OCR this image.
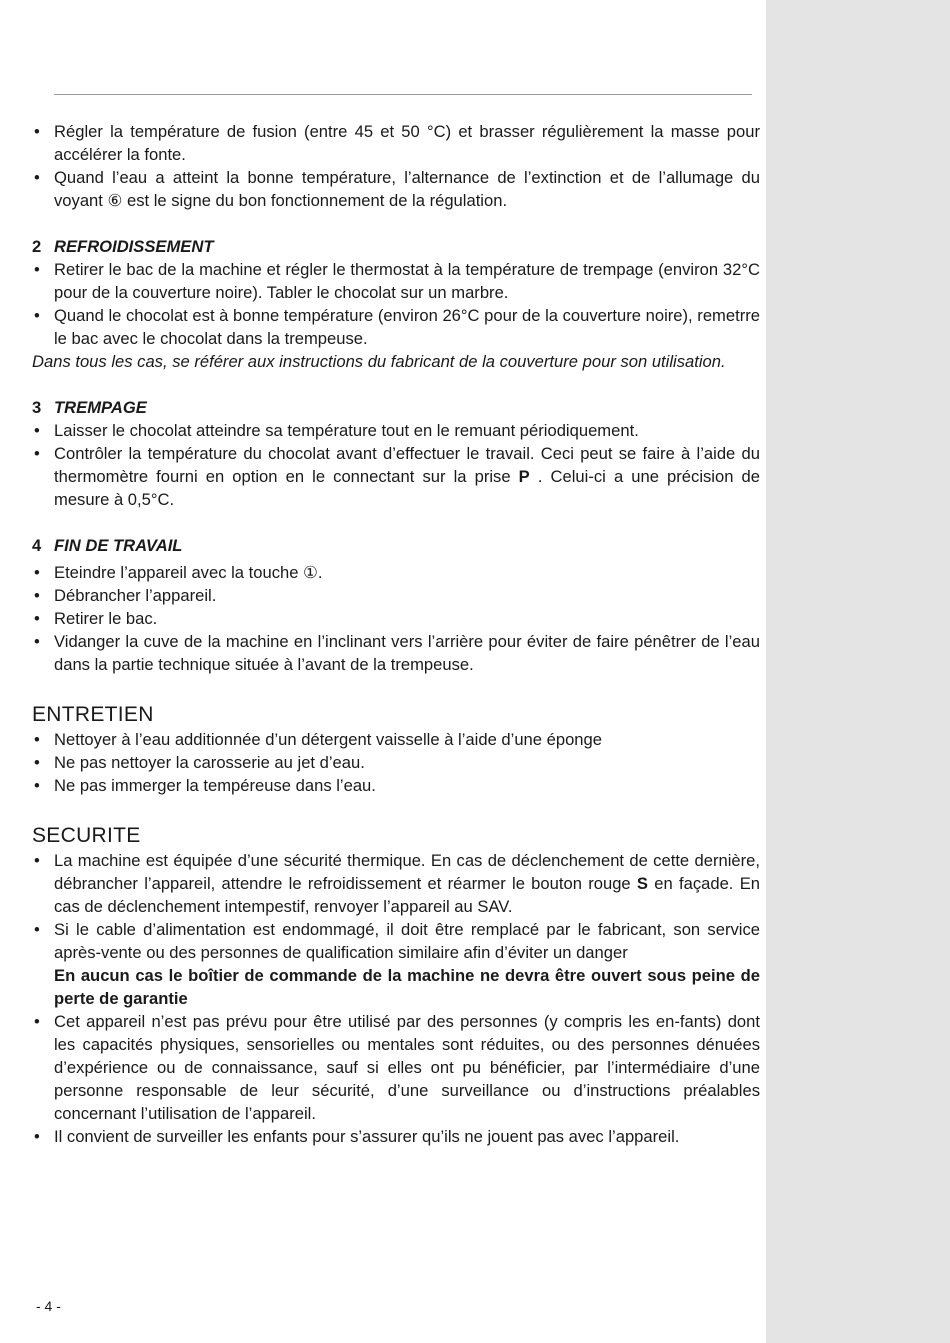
• Régler la température de fusion (entre 45 et 50 °C) et brasser régulièrement la masse pour accélérer la fonte.
• Quand l’eau a atteint la bonne température, l’alternance de l’extinction et de l’allumage du voyant ⑥ est le signe du bon fonctionnement de la régulation.
2 REFROIDISSEMENT
• Retirer le bac de la machine et régler le thermostat à la température de trempage (environ 32°C pour de la couverture noire). Tabler le chocolat sur un marbre.
• Quand le chocolat est à bonne température (environ 26°C pour de la couverture noire), remetrre le bac avec le chocolat dans la trempeuse.
Dans tous les cas, se référer aux instructions du fabricant de la couverture pour son utilisation.
3 TREMPAGE
• Laisser le chocolat atteindre sa température tout en le remuant périodiquement.
• Contrôler la température du chocolat avant d’effectuer le travail. Ceci peut se faire à l’aide du thermomètre fourni en option en le connectant sur la prise P . Celui-ci a une précision de mesure à 0,5°C.
4 FIN DE TRAVAIL
• Eteindre l’appareil avec la touche ①.
• Débrancher l’appareil.
• Retirer le bac.
• Vidanger la cuve de la machine en l’inclinant vers l’arrière pour éviter de faire pénêtrer de l’eau dans la partie technique située à l’avant de la trempeuse.
ENTRETIEN
• Nettoyer à l’eau additionnée d’un détergent vaisselle à l’aide d’une éponge
• Ne pas nettoyer la carosserie au jet d’eau.
• Ne pas immerger la tempéreuse dans l’eau.
SECURITE
• La machine est équipée d’une sécurité thermique. En cas de déclenchement de cette dernière, débrancher l’appareil, attendre le refroidissement et réarmer le bouton rouge S en façade. En cas de déclenchement intempestif, renvoyer l’appareil au SAV.
• Si le cable d’alimentation est endommagé, il doit être remplacé par le fabricant, son service après-vente ou des personnes de qualification similaire afin d’éviter un danger
En aucun cas le boîtier de commande de la machine ne devra être ouvert sous peine de perte de garantie
• Cet appareil n’est pas prévu pour être utilisé par des personnes (y compris les en-fants) dont les capacités physiques, sensorielles ou mentales sont réduites, ou des personnes dénuées d’expérience ou de connaissance, sauf si elles ont pu bénéficier, par l’intermédiaire d’une personne responsable de leur sécurité, d’une surveillance ou d’instructions préalables concernant l’utilisation de l’appareil.
• Il convient de surveiller les enfants pour s’assurer qu’ils ne jouent pas avec l’appareil.
- 4 -
